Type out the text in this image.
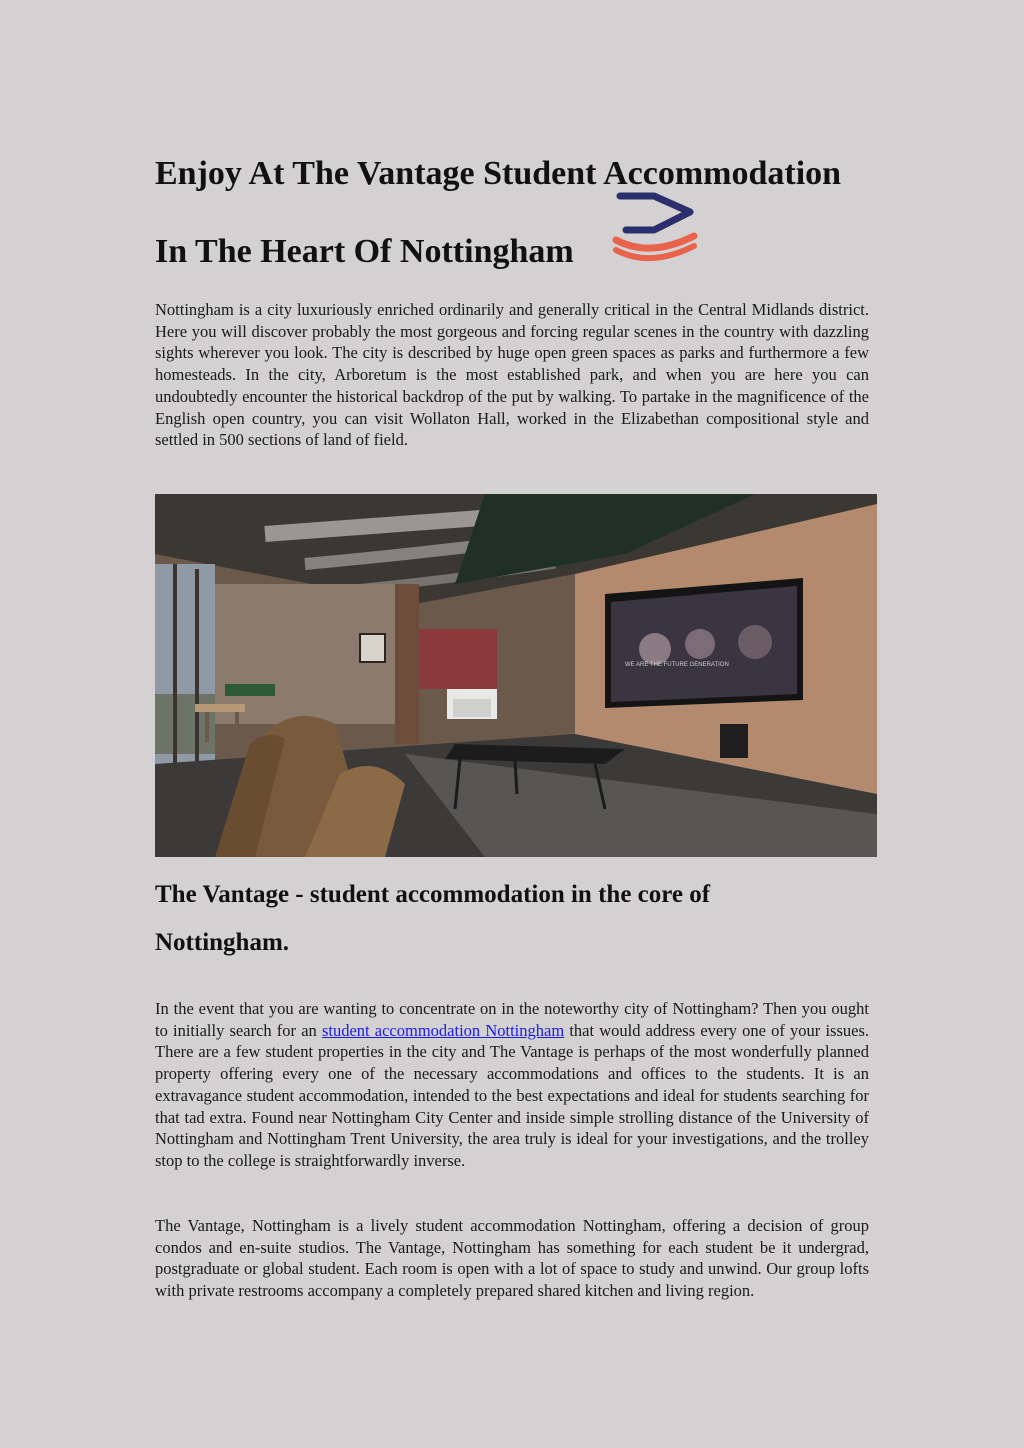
Enjoy At The Vantage Student Accommodation
In The Heart Of Nottingham

Nottingham is a city luxuriously enriched ordinarily and generally critical in the Central Midlands district. Here you will discover probably the most gorgeous and forcing regular scenes in the country with dazzling sights wherever you look. The city is described by huge open green spaces as parks and furthermore a few homesteads. In the city, Arboretum is the most established park, and when you are here you can undoubtedly encounter the historical backdrop of the put by walking. To partake in the magnificence of the English open country, you can visit Wollaton Hall, worked in the Elizabethan compositional style and settled in 500 sections of land of field.

WE ARE THE FUTURE GENERATION
The Vantage - student accommodation in the core of
Nottingham.

In the event that you are wanting to concentrate on in the noteworthy city of Nottingham? Then you ought to initially search for an student accommodation Nottingham that would address every one of your issues. There are a few student properties in the city and The Vantage is perhaps of the most wonderfully planned property offering every one of the necessary accommodations and offices to the students. It is an extravagance student accommodation, intended to the best expectations and ideal for students searching for that tad extra. Found near Nottingham City Center and inside simple strolling distance of the University of Nottingham and Nottingham Trent University, the area truly is ideal for your investigations, and the trolley stop to the college is straightforwardly inverse.

The Vantage, Nottingham is a lively student accommodation Nottingham, offering a decision of group condos and en-suite studios. The Vantage, Nottingham has something for each student be it undergrad, postgraduate or global student. Each room is open with a lot of space to study and unwind. Our group lofts with private restrooms accompany a completely prepared shared kitchen and living region.
